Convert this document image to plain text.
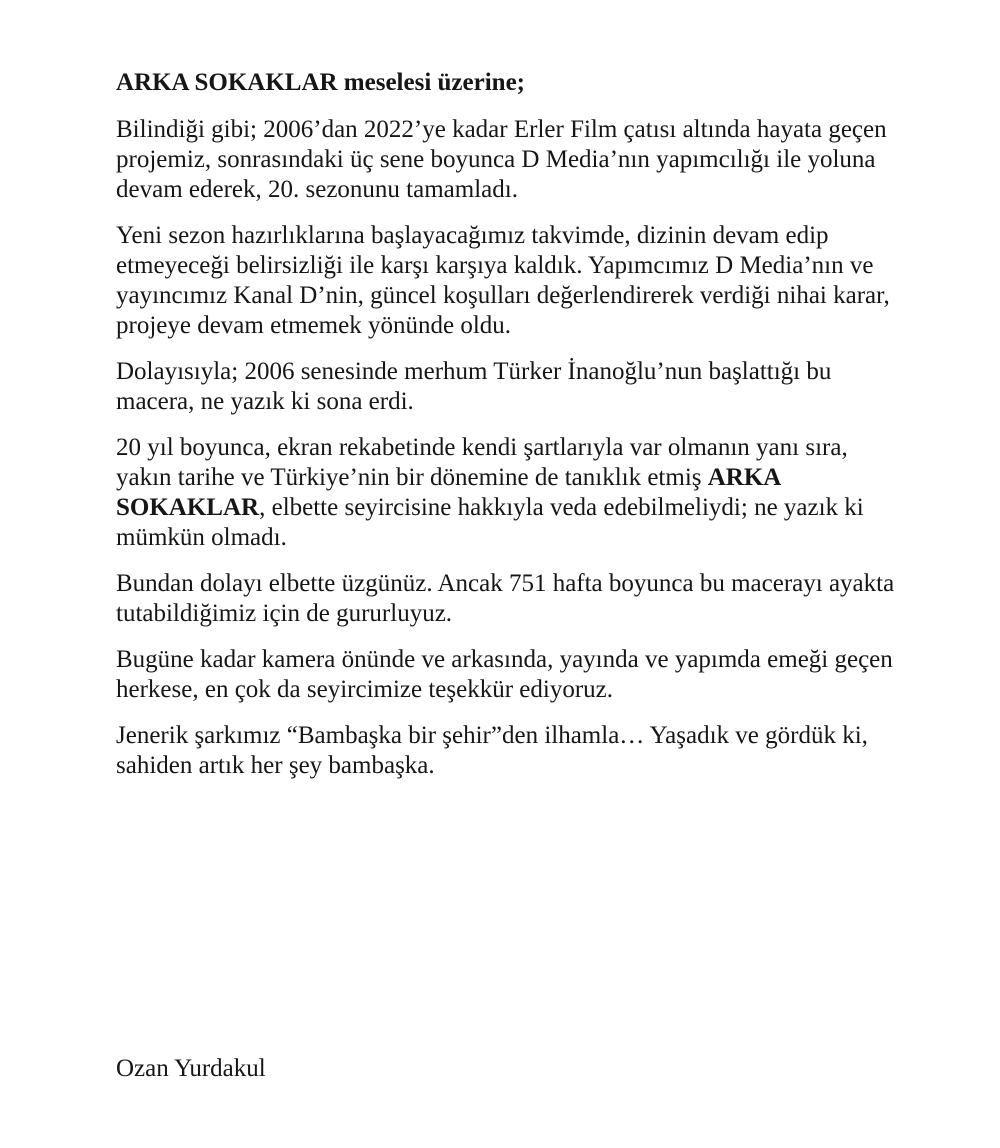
ARKA SOKAKLAR meselesi üzerine;

Bilindiği gibi; 2006’dan 2022’ye kadar Erler Film çatısı altında hayata geçen projemiz, sonrasındaki üç sene boyunca D Media’nın yapımcılığı ile yoluna devam ederek, 20. sezonunu tamamladı.

Yeni sezon hazırlıklarına başlayacağımız takvimde, dizinin devam edip etmeyeceği belirsizliği ile karşı karşıya kaldık. Yapımcımız D Media’nın ve yayıncımız Kanal D’nin, güncel koşulları değerlendirerek verdiği nihai karar, projeye devam etmemek yönünde oldu.

Dolayısıyla; 2006 senesinde merhum Türker İnanoğlu’nun başlattığı bu macera, ne yazık ki sona erdi.

20 yıl boyunca, ekran rekabetinde kendi şartlarıyla var olmanın yanı sıra, yakın tarihe ve Türkiye’nin bir dönemine de tanıklık etmiş ARKA SOKAKLAR, elbette seyircisine hakkıyla veda edebilmeliydi; ne yazık ki mümkün olmadı.

Bundan dolayı elbette üzgünüz. Ancak 751 hafta boyunca bu macerayı ayakta tutabildiğimiz için de gururluyuz.

Bugüne kadar kamera önünde ve arkasında, yayında ve yapımda emeği geçen herkese, en çok da seyircimize teşekkür ediyoruz.

Jenerik şarkımız “Bambaşka bir şehir”den ilhamla… Yaşadık ve gördük ki, sahiden artık her şey bambaşka.

Ozan Yurdakul
